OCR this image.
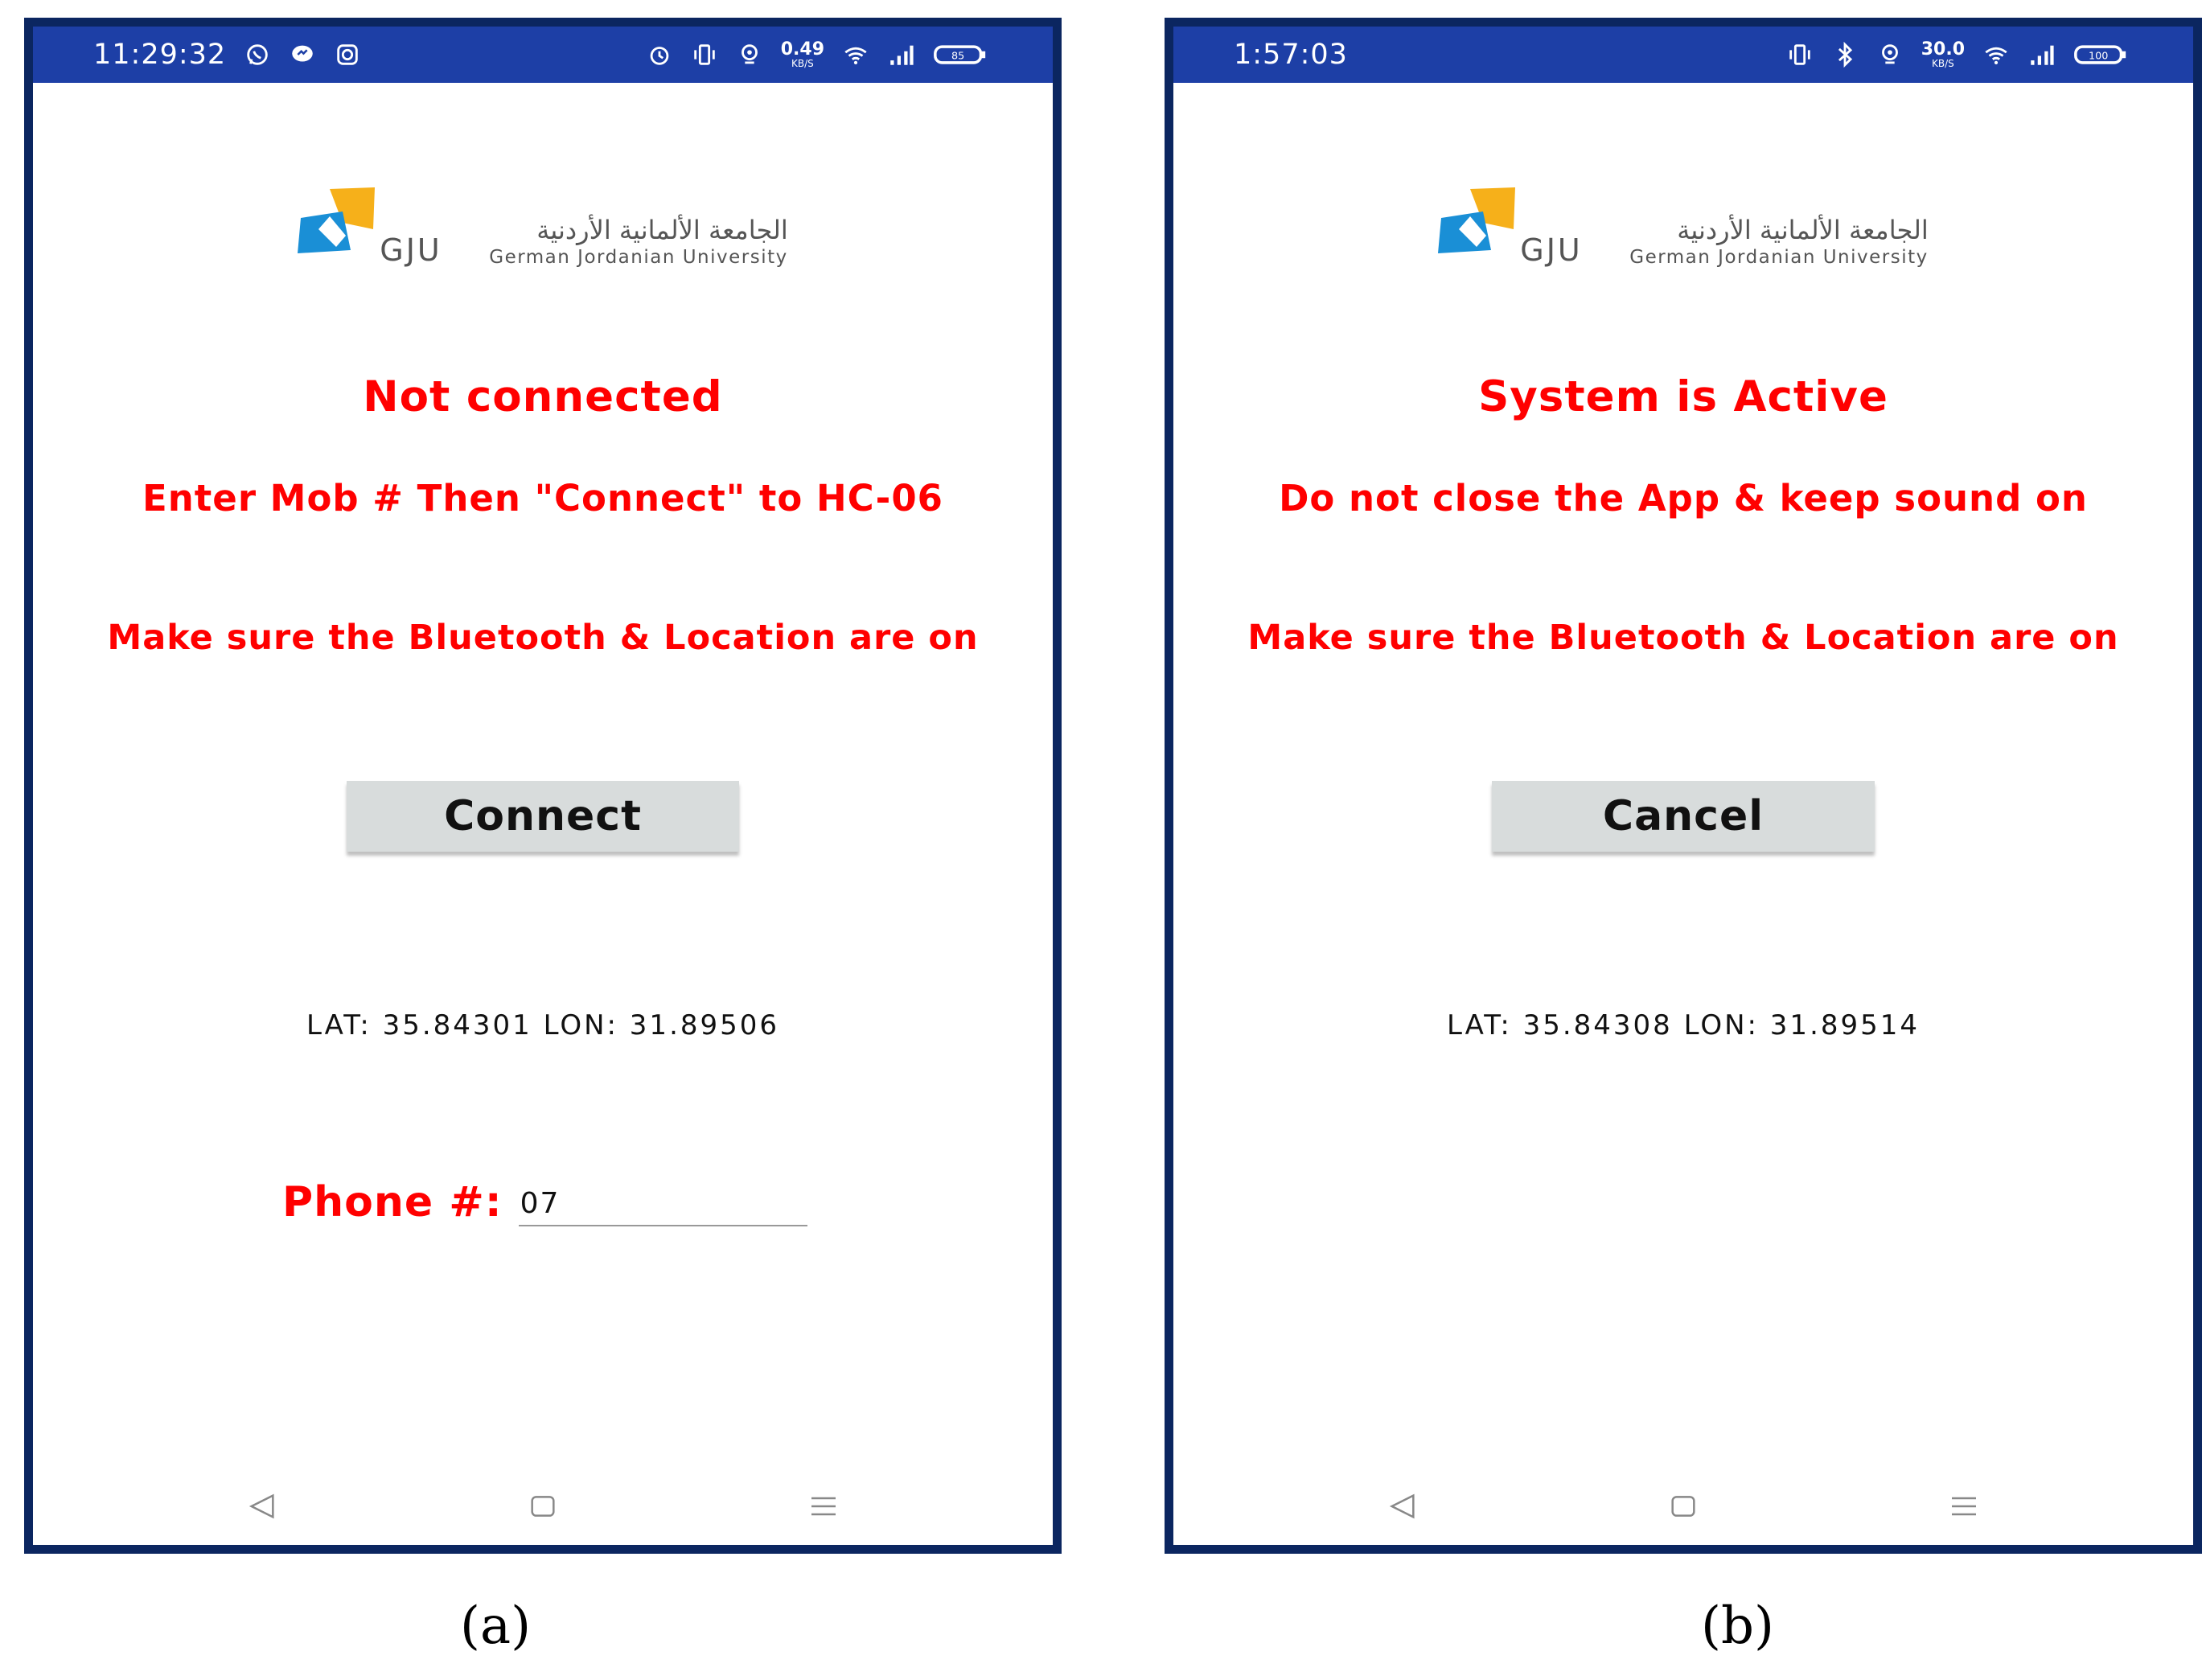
11:29:32	0.49
KB/S
85
GJU
الجامعة الألمانية الأردنية
German Jordanian University
Not connected
Enter Mob # Then "Connect" to HC-06
Make sure the Bluetooth & Location are on
Connect
LAT: 35.84301 LON: 31.89506
Phone #:
07
1:57:03	30.0
KB/S
100
GJU
الجامعة الألمانية الأردنية
German Jordanian University
System is Active
Do not close the App & keep sound on
Make sure the Bluetooth & Location are on
Cancel
LAT: 35.84308 LON: 31.89514
(a)	(b)
